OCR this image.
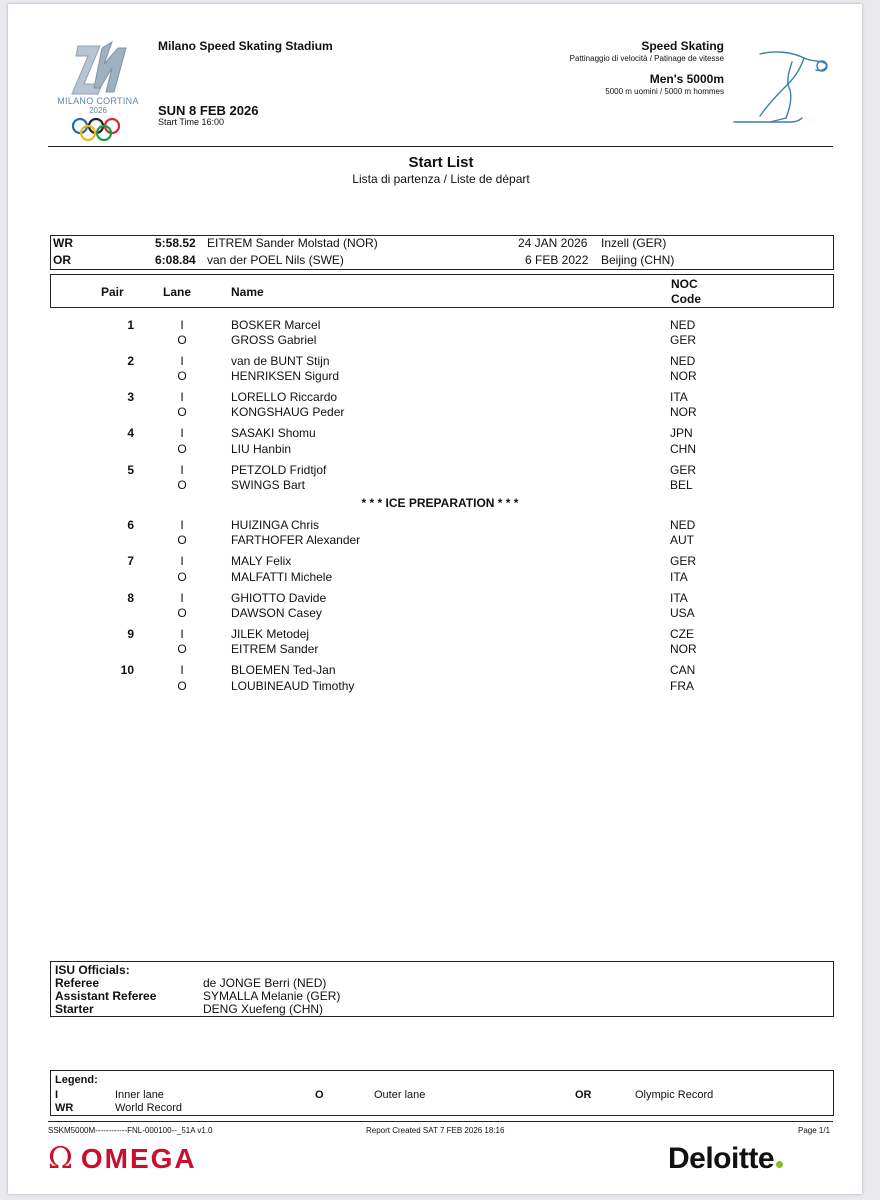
MILANO CORTINA
2026
Milano Speed Skating Stadium
SUN 8 FEB 2026
Start Time 16:00
Speed Skating
Pattinaggio di velocità / Patinage de vitesse
Men's 5000m
5000 m uomini / 5000 m hommes
Start List
Lista di partenza / Liste de départ
WR	5:58.52 EITREM Sander Molstad (NOR)	24 JAN 2026 Inzell (GER)
OR	6:08.84 van der POEL Nils (SWE)	6 FEB 2022 Beijing (CHN)
Pair	Lane	Name
NOC
Code
1	I	BOSKER Marcel	NED
O	GROSS Gabriel	GER
2	I	van de BUNT Stijn	NED
O	HENRIKSEN Sigurd	NOR
3	I	LORELLO Riccardo	ITA
O	KONGSHAUG Peder	NOR
4	I	SASAKI Shomu	JPN
O	LIU Hanbin	CHN
5	I	PETZOLD Fridtjof	GER
O	SWINGS Bart	BEL
* * * ICE PREPARATION * * *
6	I	HUIZINGA Chris	NED
O	FARTHOFER Alexander	AUT
7	I	MALY Felix	GER
O	MALFATTI Michele	ITA
8	I	GHIOTTO Davide	ITA
O	DAWSON Casey	USA
9	I	JILEK Metodej	CZE
O	EITREM Sander	NOR
10	I	BLOEMEN Ted-Jan	CAN
O	LOUBINEAUD Timothy	FRA
ISU Officials:
Referee	de JONGE Berri (NED)
Assistant Referee	SYMALLA Melanie (GER)
Starter	DENG Xuefeng (CHN)
Legend:
I	Inner lane	O	Outer lane	OR	Olympic Record
WR	World Record
SSKM5000M------------FNL-000100--_51A v1.0	Report Created SAT 7 FEB 2026 18:16	Page 1/1
Ω OMEGA	Deloitte
